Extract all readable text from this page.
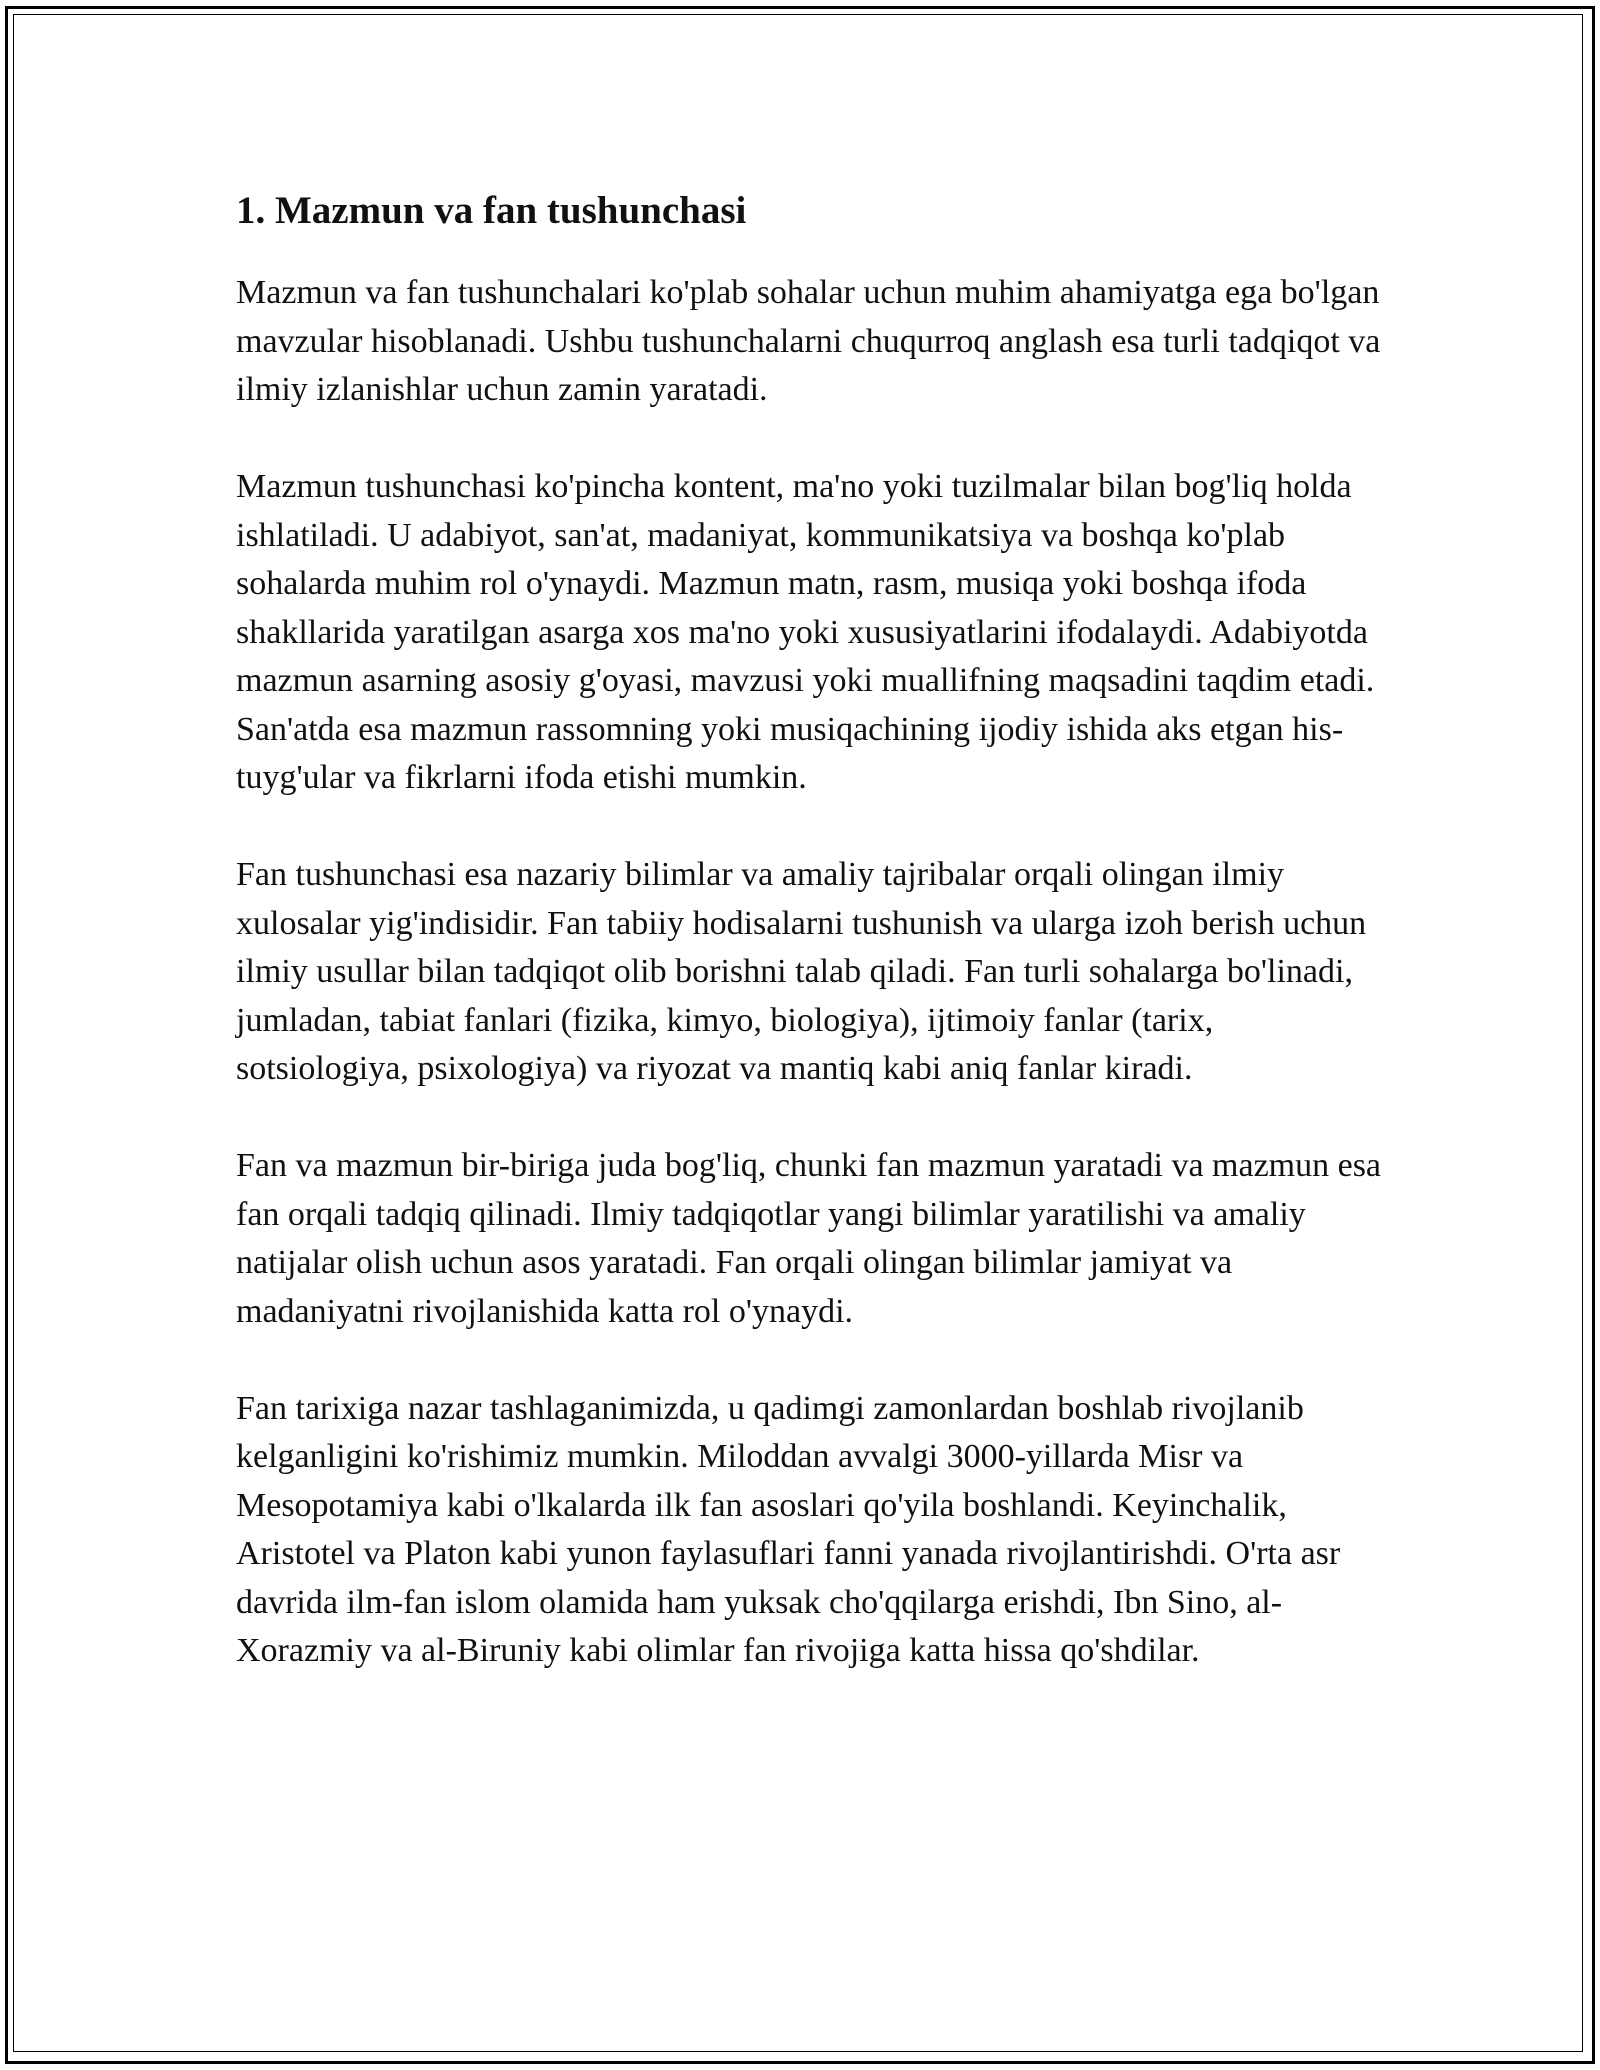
1. Mazmun va fan tushunchasi

Mazmun va fan tushunchalari ko'plab sohalar uchun muhim ahamiyatga ega bo'lgan mavzular hisoblanadi. Ushbu tushunchalarni chuqurroq anglash esa turli tadqiqot va ilmiy izlanishlar uchun zamin yaratadi.

Mazmun tushunchasi ko'pincha kontent, ma'no yoki tuzilmalar bilan bog'liq holda ishlatiladi. U adabiyot, san'at, madaniyat, kommunikatsiya va boshqa ko'plab sohalarda muhim rol o'ynaydi. Mazmun matn, rasm, musiqa yoki boshqa ifoda shakllarida yaratilgan asarga xos ma'no yoki xususiyatlarini ifodalaydi. Adabiyotda mazmun asarning asosiy g'oyasi, mavzusi yoki muallifning maqsadini taqdim etadi. San'atda esa mazmun rassomning yoki musiqachining ijodiy ishida aks etgan his-tuyg'ular va fikrlarni ifoda etishi mumkin.

Fan tushunchasi esa nazariy bilimlar va amaliy tajribalar orqali olingan ilmiy xulosalar yig'indisidir. Fan tabiiy hodisalarni tushunish va ularga izoh berish uchun ilmiy usullar bilan tadqiqot olib borishni talab qiladi. Fan turli sohalarga bo'linadi, jumladan, tabiat fanlari (fizika, kimyo, biologiya), ijtimoiy fanlar (tarix, sotsiologiya, psixologiya) va riyozat va mantiq kabi aniq fanlar kiradi.

Fan va mazmun bir-biriga juda bog'liq, chunki fan mazmun yaratadi va mazmun esa fan orqali tadqiq qilinadi. Ilmiy tadqiqotlar yangi bilimlar yaratilishi va amaliy natijalar olish uchun asos yaratadi. Fan orqali olingan bilimlar jamiyat va madaniyatni rivojlanishida katta rol o'ynaydi.

Fan tarixiga nazar tashlaganimizda, u qadimgi zamonlardan boshlab rivojlanib kelganligini ko'rishimiz mumkin. Miloddan avvalgi 3000-yillarda Misr va Mesopotamiya kabi o'lkalarda ilk fan asoslari qo'yila boshlandi. Keyinchalik, Aristotel va Platon kabi yunon faylasuflari fanni yanada rivojlantirishdi. O'rta asr davrida ilm-fan islom olamida ham yuksak cho'qqilarga erishdi, Ibn Sino, al-Xorazmiy va al-Biruniy kabi olimlar fan rivojiga katta hissa qo'shdilar.
